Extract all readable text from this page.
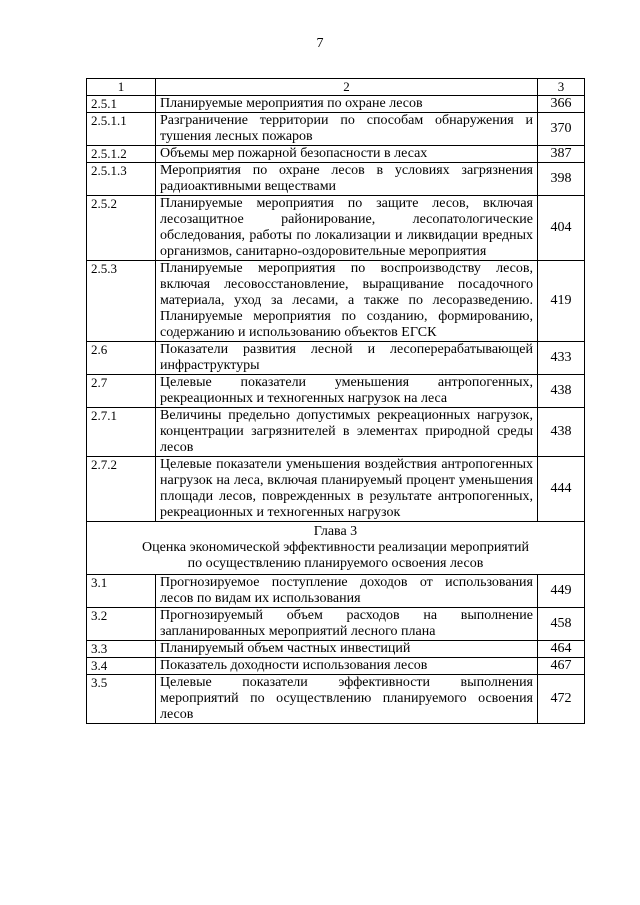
7
1	2	3
2.5.1	Планируемые мероприятия по охране лесов	366
2.5.1.1	Разграничение территории по способам обнаружения и тушения лесных пожаров	370
2.5.1.2	Объемы мер пожарной безопасности в лесах	387
2.5.1.3	Мероприятия по охране лесов в условиях загрязнения радиоактивными веществами	398
2.5.2	Планируемые мероприятия по защите лесов, включая лесозащитное районирование, лесопатологические обследования, работы по локализации и ликвидации вредных организмов, санитарно-оздоровительные мероприятия	404
2.5.3	Планируемые мероприятия по воспроизводству лесов, включая лесовосстановление, выращивание посадочного материала, уход за лесами, а также по лесоразведению. Планируемые мероприятия по созданию, формированию, содержанию и использованию объектов ЕГСК	419
2.6	Показатели развития лесной и лесоперерабатывающей инфраструктуры	433
2.7	Целевые показатели уменьшения антропогенных, рекреационных и техногенных нагрузок на леса	438
2.7.1	Величины предельно допустимых рекреационных нагрузок, концентрации загрязнителей в элементах природной среды лесов	438
2.7.2	Целевые показатели уменьшения воздействия антропогенных нагрузок на леса, включая планируемый процент уменьшения площади лесов, поврежденных в результате антропогенных, рекреационных и техногенных нагрузок	444

Глава 3
Оценка экономической эффективности реализации мероприятий
по осуществлению планируемого освоения лесов		

3.1	Прогнозируемое поступление доходов от использования лесов по видам их использования	449
3.2	Прогнозируемый объем расходов на выполнение запланированных мероприятий лесного плана	458
3.3	Планируемый объем частных инвестиций	464
3.4	Показатель доходности использования лесов	467
3.5	Целевые показатели эффективности выполнения мероприятий по осуществлению планируемого освоения лесов	472
